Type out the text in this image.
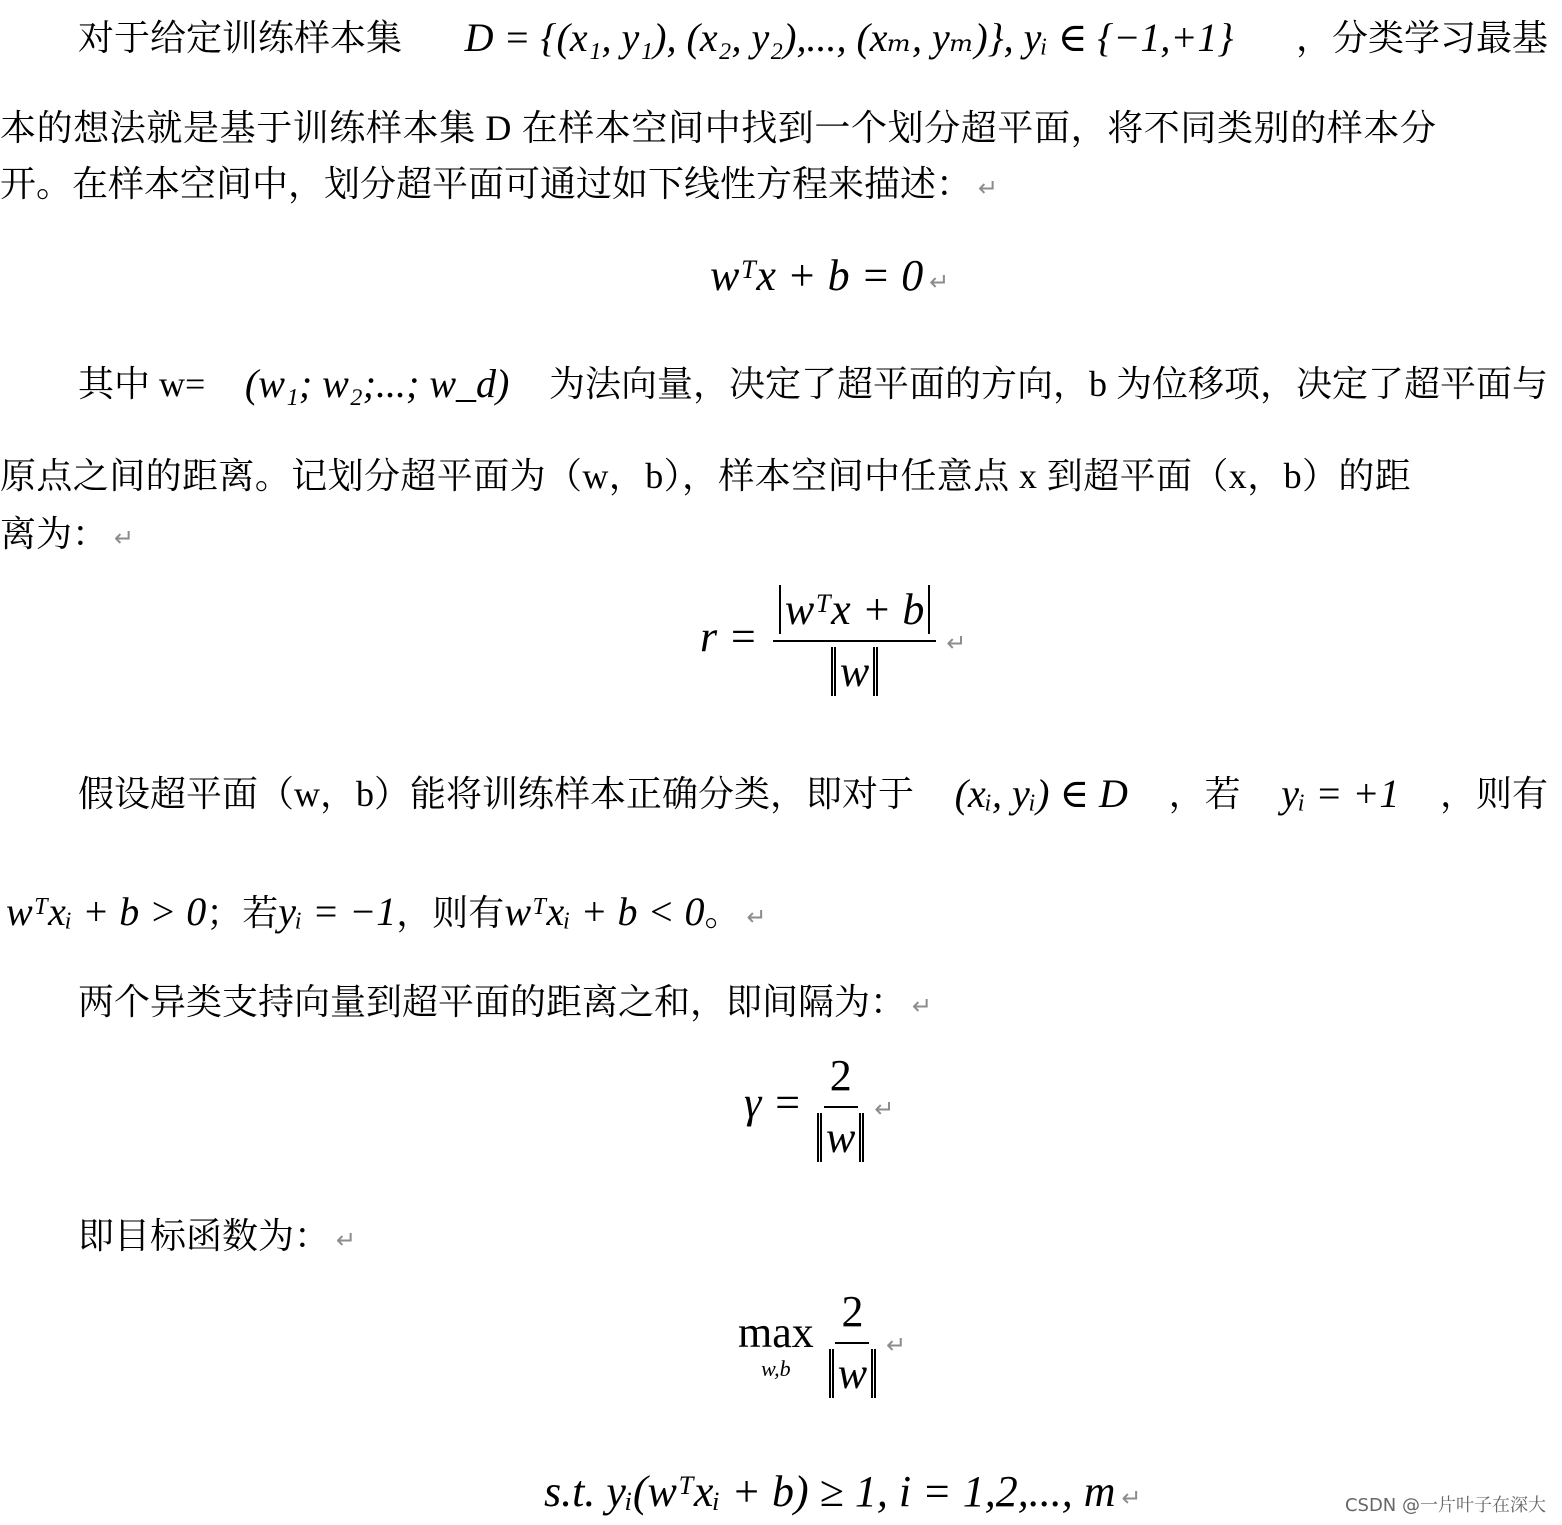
对于给定训练样本集 D = {(x₁, y₁), (x₂, y₂),..., (xₘ, yₘ)}, yᵢ ∈ {−1,+1} ，分类学习最基
本的想法就是基于训练样本集 D 在样本空间中找到一个划分超平面，将不同类别的样本分
开。在样本空间中，划分超平面可通过如下线性方程来描述： ↵
wᵀx + b = 0 ↵
其中 w= (w₁; w₂;...; w_d) 为法向量，决定了超平面的方向，b 为位移项，决定了超平面与
原点之间的距离。记划分超平面为（w，b），样本空间中任意点 x 到超平面（x，b）的距
离为： ↵
$r = \frac{\text{wᵀx + b}}{w}$ ↵
假设超平面（w，b）能将训练样本正确分类，即对于 (xᵢ, yᵢ) ∈ D ，若 yᵢ = +1 ，则有
wᵀxᵢ + b > 0；若yᵢ = −1，则有wᵀxᵢ + b < 0。 ↵
两个异类支持向量到超平面的距离之和，即间隔为： ↵
$\gamma = \frac{2}{w}$ ↵
即目标函数为： ↵
max
w,b
$\frac{2}{w}$ ↵
s.t. yᵢ(wᵀxᵢ + b) ≥ 1, i = 1,2,..., m ↵	CSDN @一片叶子在深大
